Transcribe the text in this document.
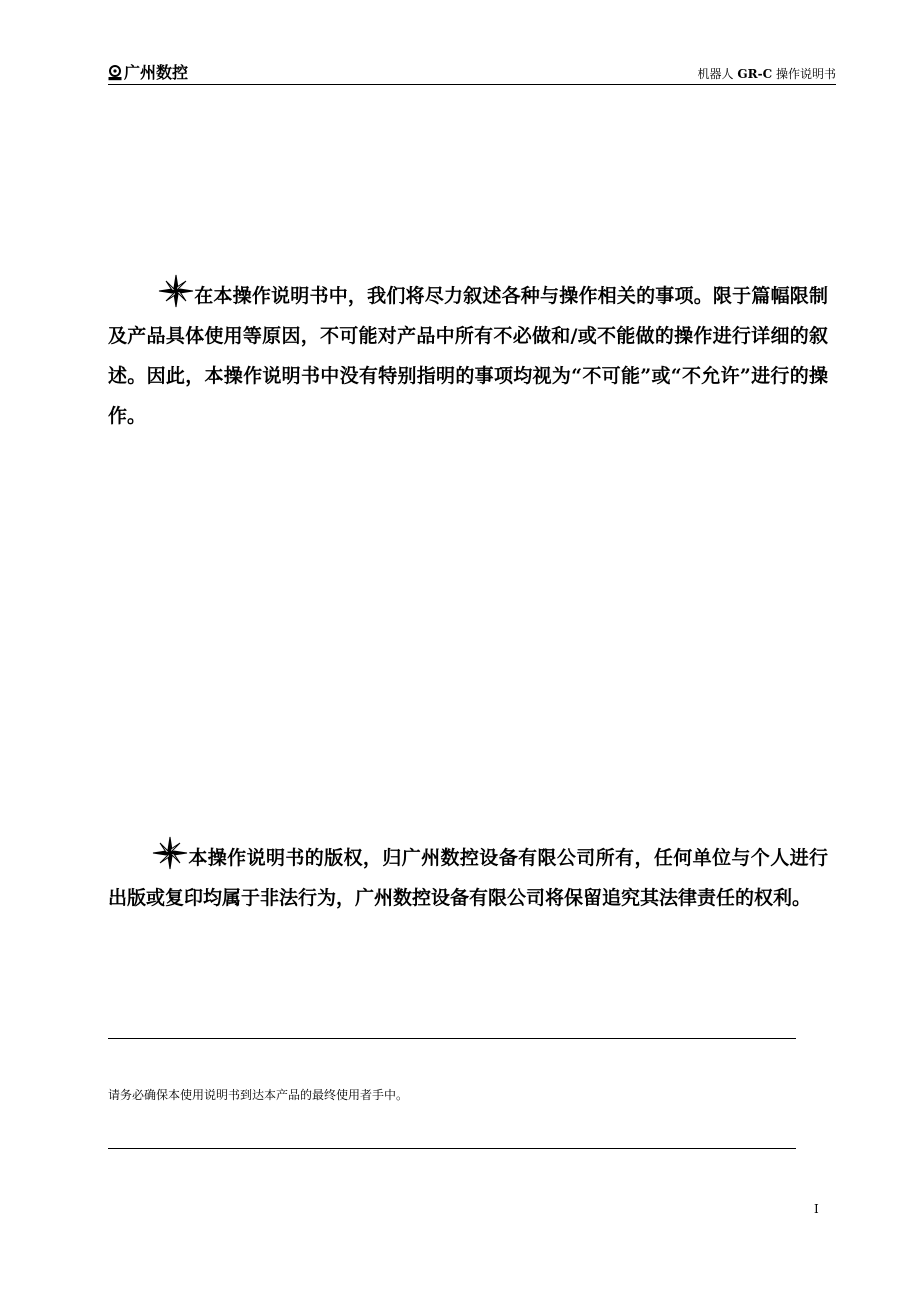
广州数控	机器人 GR-C 操作说明书
在本操作说明书中，我们将尽力叙述各种与操作相关的事项。限于篇幅限制及产品具体使用等原因，不可能对产品中所有不必做和/或不能做的操作进行详细的叙述。因此，本操作说明书中没有特别指明的事项均视为“不可能”或“不允许”进行的操作。
本操作说明书的版权，归广州数控设备有限公司所有，任何单位与个人进行出版或复印均属于非法行为，广州数控设备有限公司将保留追究其法律责任的权利。
请务必确保本使用说明书到达本产品的最终使用者手中。
I
